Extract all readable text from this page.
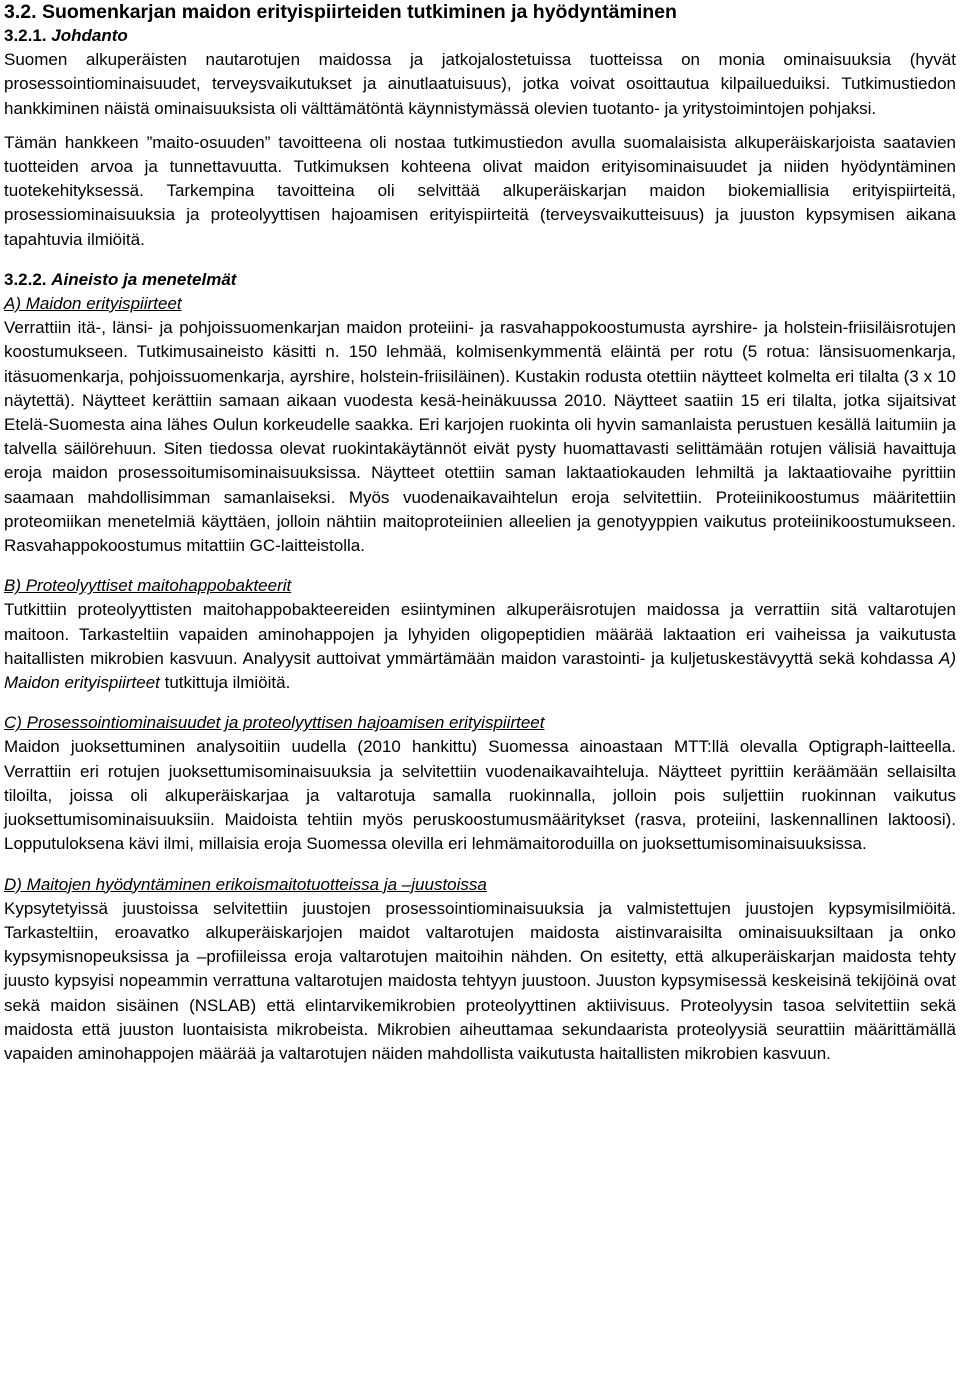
3.2. Suomenkarjan maidon erityispiirteiden tutkiminen ja hyödyntäminen
3.2.1. Johdanto

Suomen alkuperäisten nautarotujen maidossa ja jatkojalostetuissa tuotteissa on monia ominaisuuksia (hyvät prosessointiominaisuudet, terveysvaikutukset ja ainutlaatuisuus), jotka voivat osoittautua kilpailueduiksi. Tutkimustiedon hankkiminen näistä ominaisuuksista oli välttämätöntä käynnistymässä olevien tuotanto- ja yritystoimintojen pohjaksi.

Tämän hankkeen ”maito-osuuden” tavoitteena oli nostaa tutkimustiedon avulla suomalaisista alkuperäiskarjoista saatavien tuotteiden arvoa ja tunnettavuutta. Tutkimuksen kohteena olivat maidon erityisominaisuudet ja niiden hyödyntäminen tuotekehityksessä. Tarkempina tavoitteina oli selvittää alkuperäiskarjan maidon biokemiallisia erityispiirteitä, prosessiominaisuuksia ja proteolyyttisen hajoamisen erityispiirteitä (terveysvaikutteisuus) ja juuston kypsymisen aikana tapahtuvia ilmiöitä.

3.2.2. Aineisto ja menetelmät
A) Maidon erityispiirteet

Verrattiin itä-, länsi- ja pohjoissuomenkarjan maidon proteiini- ja rasvahappokoostumusta ayrshire- ja holstein-friisiläisrotujen koostumukseen. Tutkimusaineisto käsitti n. 150 lehmää, kolmisenkymmentä eläintä per rotu (5 rotua: länsisuomenkarja, itäsuomenkarja, pohjoissuomenkarja, ayrshire, holstein-friisiläinen). Kustakin rodusta otettiin näytteet kolmelta eri tilalta (3 x 10 näytettä). Näytteet kerättiin samaan aikaan vuodesta kesä-heinäkuussa 2010. Näytteet saatiin 15 eri tilalta, jotka sijaitsivat Etelä-Suomesta aina lähes Oulun korkeudelle saakka. Eri karjojen ruokinta oli hyvin samanlaista perustuen kesällä laitumiin ja talvella säilörehuun. Siten tiedossa olevat ruokintakäytännöt eivät pysty huomattavasti selittämään rotujen välisiä havaittuja eroja maidon prosessoitumisominaisuuksissa. Näytteet otettiin saman laktaatiokauden lehmiltä ja laktaatiovaihe pyrittiin saamaan mahdollisimman samanlaiseksi. Myös vuodenaikavaihtelun eroja selvitettiin. Proteiinikoostumus määritettiin proteomiikan menetelmiä käyttäen, jolloin nähtiin maitoproteiinien alleelien ja genotyyppien vaikutus proteiinikoostumukseen. Rasvahappokoostumus mitattiin GC-laitteistolla.

B) Proteolyyttiset maitohappobakteerit

Tutkittiin proteolyyttisten maitohappobakteereiden esiintyminen alkuperäisrotujen maidossa ja verrattiin sitä valtarotujen maitoon. Tarkasteltiin vapaiden aminohappojen ja lyhyiden oligopeptidien määrää laktaation eri vaiheissa ja vaikutusta haitallisten mikrobien kasvuun. Analyysit auttoivat ymmärtämään maidon varastointi- ja kuljetuskestävyyttä sekä kohdassa A) Maidon erityispiirteet tutkittuja ilmiöitä.

C) Prosessointiominaisuudet ja proteolyyttisen hajoamisen erityispiirteet

Maidon juoksettuminen analysoitiin uudella (2010 hankittu) Suomessa ainoastaan MTT:llä olevalla Optigraph-laitteella. Verrattiin eri rotujen juoksettumisominaisuuksia ja selvitettiin vuodenaikavaihteluja. Näytteet pyrittiin keräämään sellaisilta tiloilta, joissa oli alkuperäiskarjaa ja valtarotuja samalla ruokinnalla, jolloin pois suljettiin ruokinnan vaikutus juoksettumisominaisuuksiin. Maidoista tehtiin myös peruskoostumusmääritykset (rasva, proteiini, laskennallinen laktoosi). Lopputuloksena kävi ilmi, millaisia eroja Suomessa olevilla eri lehmämaitoroduilla on juoksettumisominaisuuksissa.

D) Maitojen hyödyntäminen erikoismaitotuotteissa ja –juustoissa

Kypsytetyissä juustoissa selvitettiin juustojen prosessointiominaisuuksia ja valmistettujen juustojen kypsymisilmiöitä. Tarkasteltiin, eroavatko alkuperäiskarjojen maidot valtarotujen maidosta aistinvaraisilta ominaisuuksiltaan ja onko kypsymisnopeuksissa ja –profiileissa eroja valtarotujen maitoihin nähden. On esitetty, että alkuperäiskarjan maidosta tehty juusto kypsyisi nopeammin verrattuna valtarotujen maidosta tehtyyn juustoon. Juuston kypsymisessä keskeisinä tekijöinä ovat sekä maidon sisäinen (NSLAB) että elintarvikemikrobien proteolyyttinen aktiivisuus. Proteolyysin tasoa selvitettiin sekä maidosta että juuston luontaisista mikrobeista. Mikrobien aiheuttamaa sekundaarista proteolyysiä seurattiin määrittämällä vapaiden aminohappojen määrää ja valtarotujen näiden mahdollista vaikutusta haitallisten mikrobien kasvuun.
